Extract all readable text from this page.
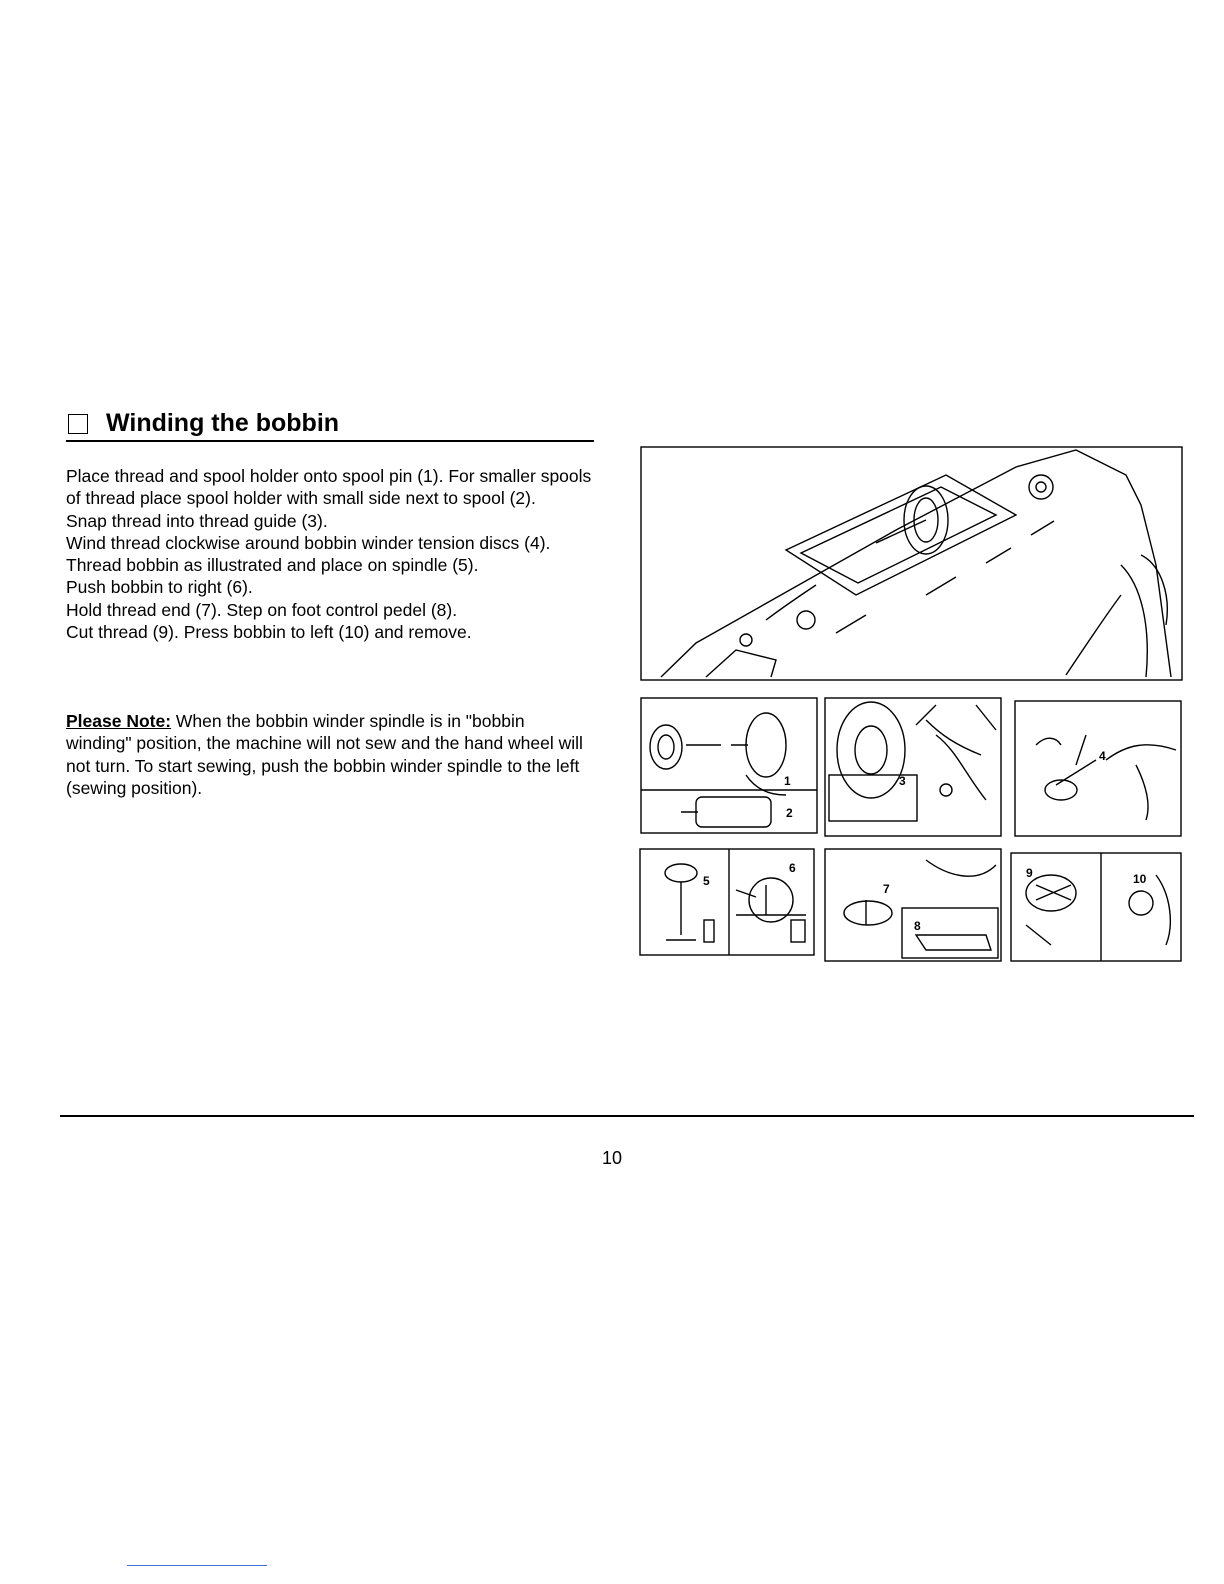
Winding the bobbin

Place thread and spool holder onto spool pin (1). For smaller spools of thread place spool holder with small side next to spool (2).

Snap thread into thread guide (3).

Wind thread clockwise around bobbin winder tension discs (4).

Thread bobbin as illustrated and place on spindle (5).

Push bobbin to right (6).

Hold thread end (7). Step on foot control pedel (8).

Cut thread (9). Press bobbin to left (10) and remove.

Please Note: When the bobbin winder spindle is in "bobbin winding" position, the machine will not sew and the hand wheel will not turn. To start sewing, push the bobbin winder spindle to the left (sewing position).	1
2
3
4
5
6
7
8
9	10
10
